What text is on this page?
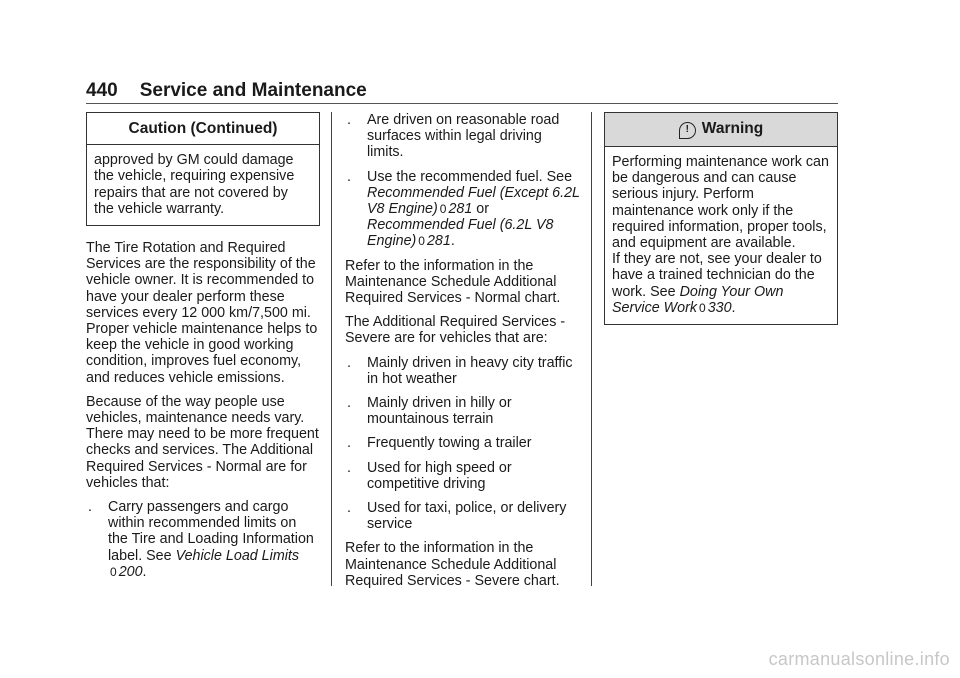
440 Service and Maintenance
Caution (Continued)
approved by GM could damage
the vehicle, requiring expensive
repairs that are not covered by
the vehicle warranty.

The Tire Rotation and Required Services are the responsibility of the vehicle owner. It is recommended to have your dealer perform these services every 12 000 km/7,500 mi. Proper vehicle maintenance helps to keep the vehicle in good working condition, improves fuel economy, and reduces vehicle emissions.

Because of the way people use vehicles, maintenance needs vary. There may need to be more frequent checks and services. The Additional Required Services - Normal are for vehicles that:

. Carry passengers and cargo within recommended limits on the Tire and Loading Information label. See Vehicle Load Limits
0 200.
. Are driven on reasonable road surfaces within legal driving limits.
. Use the recommended fuel. See Recommended Fuel (Except 6.2L V8 Engine) 0 281 or Recommended Fuel (6.2L V8 Engine) 0 281.

Refer to the information in the Maintenance Schedule Additional Required Services - Normal chart.

The Additional Required Services - Severe are for vehicles that are:

. Mainly driven in heavy city traffic in hot weather
. Mainly driven in hilly or mountainous terrain
. Frequently towing a trailer
. Used for high speed or competitive driving
. Used for taxi, police, or delivery service

Refer to the information in the Maintenance Schedule Additional Required Services - Severe chart.

! Warning
Performing maintenance work can
be dangerous and can cause
serious injury. Perform
maintenance work only if the
required information, proper tools,
and equipment are available.
If they are not, see your dealer to
have a trained technician do the
work. See Doing Your Own Service Work 0 330.
carmanualsonline.info
